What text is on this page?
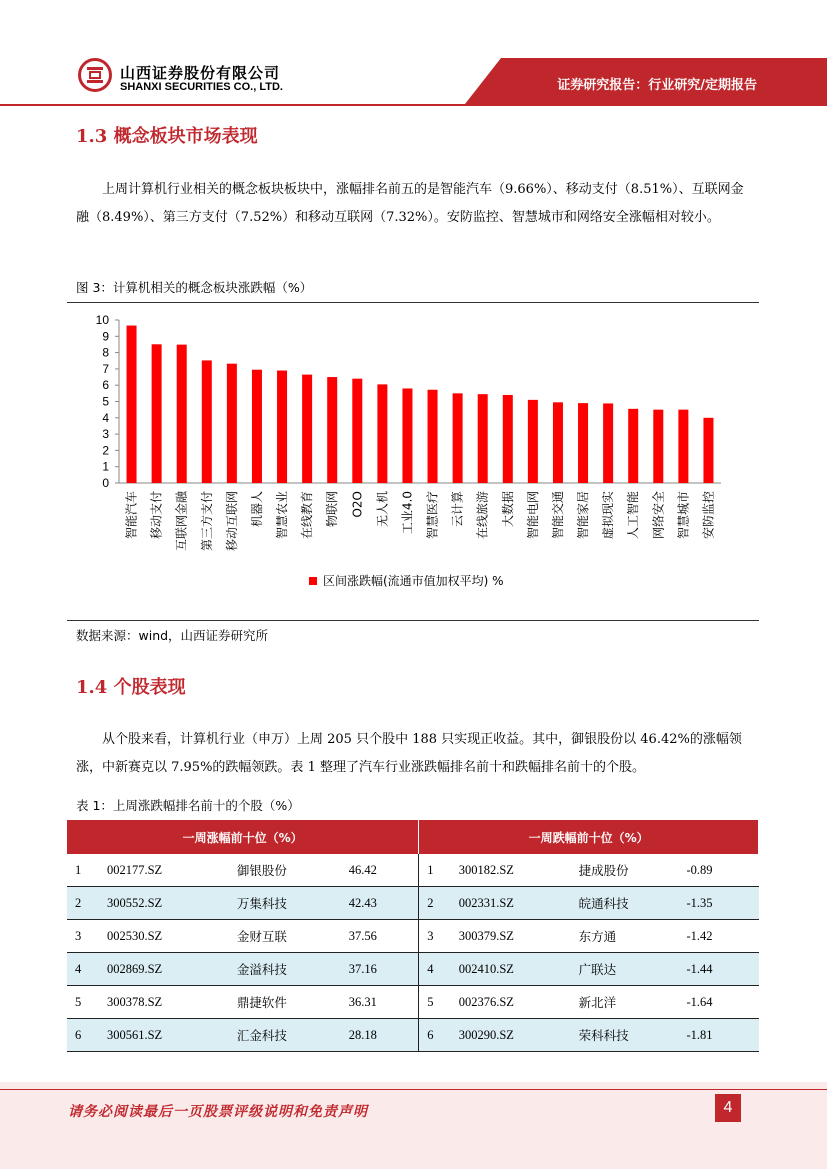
山西证券股份有限公司
SHANXI SECURITIES CO., LTD.	证券研究报告：行业研究/定期报告
1.3 概念板块市场表现
上周计算机行业相关的概念板块板块中，涨幅排名前五的是智能汽车（9.66%）、移动支付（8.51%）、互联网金融（8.49%）、第三方支付（7.52%）和移动互联网（7.32%）。安防监控、智慧城市和网络安全涨幅相对较小。
图 3：计算机相关的概念板块涨跌幅（%）
0
1
2
3
4
5
6
7
8
9
10
智能汽车 移动支付 互联网金融 第三方支付 移动互联网 机器人 智慧农业 在线教育 物联网 O2O 无人机 工业4.0 智慧医疗 云计算 在线旅游 大数据 智能电网 智能交通 智能家居 虚拟现实 人工智能 网络安全 智慧城市 安防监控
区间涨跌幅(流通市值加权平均) %
数据来源：wind，山西证券研究所
1.4 个股表现
从个股来看，计算机行业（申万）上周 205 只个股中 188 只实现正收益。其中，御银股份以 46.42%的涨幅领涨，中新赛克以 7.95%的跌幅领跌。表 1 整理了汽车行业涨跌幅排名前十和跌幅排名前十的个股。
表 1：上周涨跌幅排名前十的个股（%）
一周涨幅前十位（%）				一周跌幅前十位（%）			
1	002177.SZ	御银股份	46.42	1	300182.SZ	捷成股份	-0.89
2	300552.SZ	万集科技	42.43	2	002331.SZ	皖通科技	-1.35
3	002530.SZ	金财互联	37.56	3	300379.SZ	东方通	-1.42
4	002869.SZ	金溢科技	37.16	4	002410.SZ	广联达	-1.44
5	300378.SZ	鼎捷软件	36.31	5	002376.SZ	新北洋	-1.64
6	300561.SZ	汇金科技	28.18	6	300290.SZ	荣科科技	-1.81
请务必阅读最后一页股票评级说明和免责声明	4
